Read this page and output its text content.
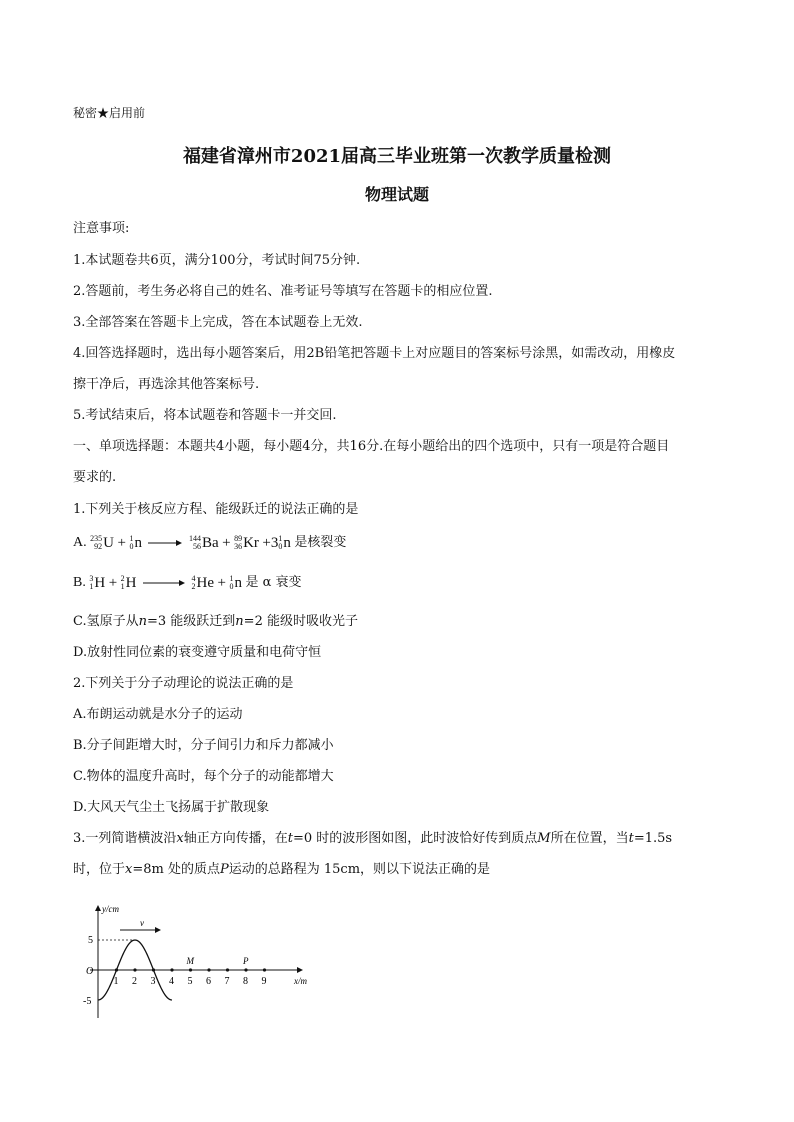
秘密★启用前
福建省漳州市2021届高三毕业班第一次教学质量检测
物理试题
注意事项:
1.本试题卷共6页，满分100分，考试时间75分钟.
2.答题前，考生务必将自己的姓名、准考证号等填写在答题卡的相应位置.
3.全部答案在答题卡上完成，答在本试题卷上无效.
4.回答选择题时，选出每小题答案后，用2B铅笔把答题卡上对应题目的答案标号涂黑，如需改动，用橡皮
擦干净后，再选涂其他答案标号.
5.考试结束后，将本试题卷和答题卡一并交回.
一、单项选择题：本题共4小题，每小题4分，共16分.在每小题给出的四个选项中，只有一项是符合题目
要求的.
1.下列关于核反应方程、能级跃迁的说法正确的是
A. 235
92 U + 1
0 n → 144
56 Ba + 89
36 Kr +3 1
0 n 是核裂变
B. 3
1 H + 2
1 H → 4
2 He + 1
0 n 是 α 衰变
C.氢原子从n=3 能级跃迁到n=2 能级时吸收光子
D.放射性同位素的衰变遵守质量和电荷守恒
2.下列关于分子动理论的说法正确的是
A.布朗运动就是水分子的运动
B.分子间距增大时，分子间引力和斥力都减小
C.物体的温度升高时，每个分子的动能都增大
D.大风天气尘土飞扬属于扩散现象
3.一列简谐横波沿x轴正方向传播，在t=0 时的波形图如图，此时波恰好传到质点M所在位置，当t=1.5s
时，位于x=8m 处的质点P运动的总路程为 15cm，则以下说法正确的是
y/cm
x/m
O
5
-5
v
1 2 3 4 5 6 7 8 9
M	P
